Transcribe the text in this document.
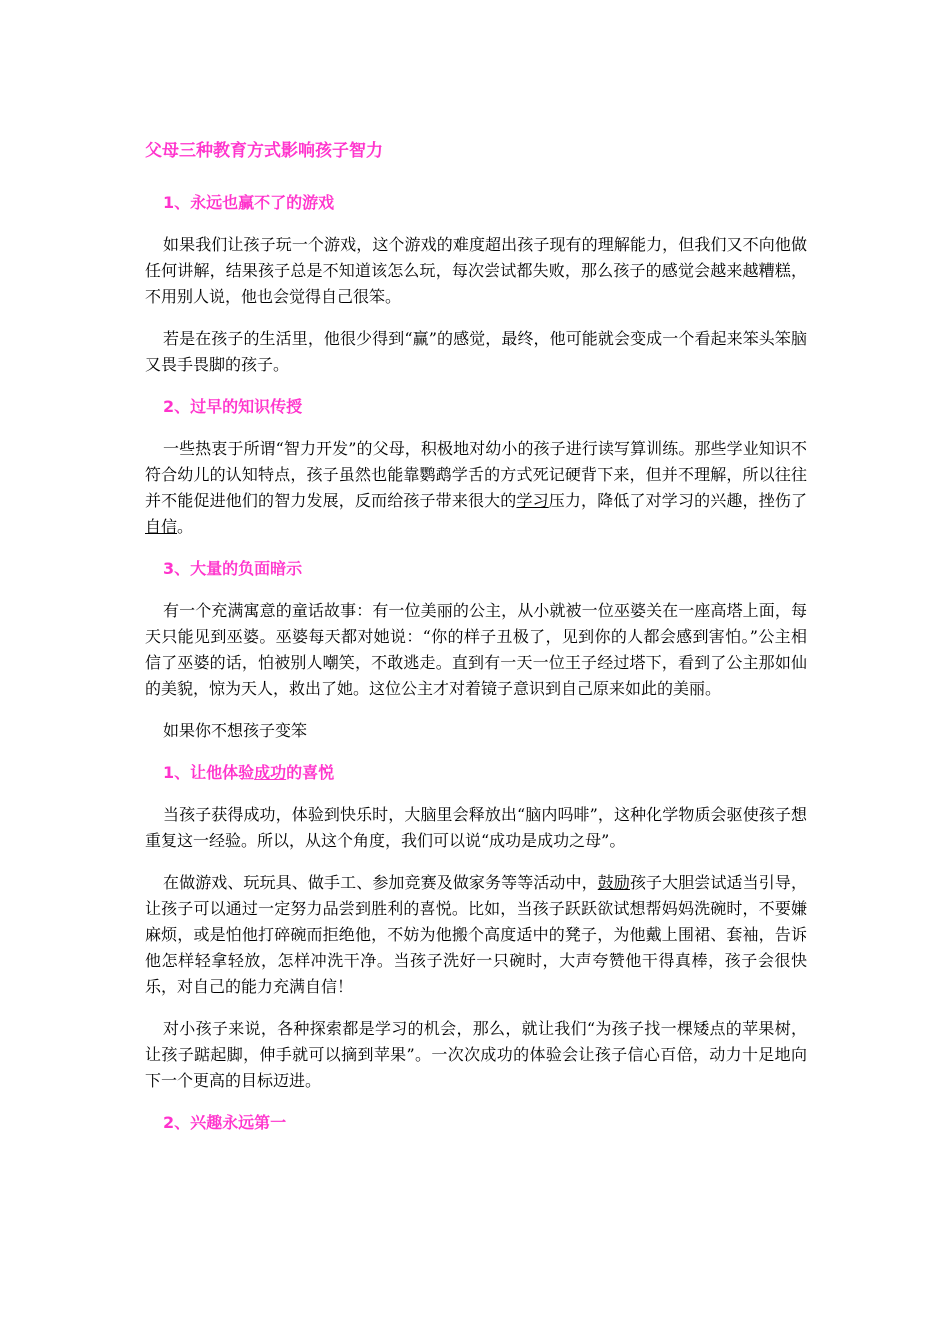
父母三种教育方式影响孩子智力
1、永远也赢不了的游戏

如果我们让孩子玩一个游戏，这个游戏的难度超出孩子现有的理解能力，但我们又不向他做任何讲解，结果孩子总是不知道该怎么玩，每次尝试都失败，那么孩子的感觉会越来越糟糕，不用别人说，他也会觉得自己很笨。

若是在孩子的生活里，他很少得到“赢”的感觉，最终，他可能就会变成一个看起来笨头笨脑又畏手畏脚的孩子。

2、过早的知识传授

一些热衷于所谓“智力开发”的父母，积极地对幼小的孩子进行读写算训练。那些学业知识不符合幼儿的认知特点，孩子虽然也能靠鹦鹉学舌的方式死记硬背下来，但并不理解，所以往往并不能促进他们的智力发展，反而给孩子带来很大的学习压力，降低了对学习的兴趣，挫伤了自信。

3、大量的负面暗示

有一个充满寓意的童话故事：有一位美丽的公主，从小就被一位巫婆关在一座高塔上面，每天只能见到巫婆。巫婆每天都对她说：“你的样子丑极了，见到你的人都会感到害怕。”公主相信了巫婆的话，怕被别人嘲笑，不敢逃走。直到有一天一位王子经过塔下，看到了公主那如仙的美貌，惊为天人，救出了她。这位公主才对着镜子意识到自己原来如此的美丽。

如果你不想孩子变笨

1、让他体验成功的喜悦

当孩子获得成功，体验到快乐时，大脑里会释放出“脑内吗啡”，这种化学物质会驱使孩子想重复这一经验。所以，从这个角度，我们可以说“成功是成功之母”。

在做游戏、玩玩具、做手工、参加竞赛及做家务等等活动中，鼓励孩子大胆尝试适当引导，让孩子可以通过一定努力品尝到胜利的喜悦。比如，当孩子跃跃欲试想帮妈妈洗碗时，不要嫌麻烦，或是怕他打碎碗而拒绝他，不妨为他搬个高度适中的凳子，为他戴上围裙、套袖，告诉他怎样轻拿轻放，怎样冲洗干净。当孩子洗好一只碗时，大声夸赞他干得真棒，孩子会很快乐，对自己的能力充满自信！

对小孩子来说，各种探索都是学习的机会，那么，就让我们“为孩子找一棵矮点的苹果树，让孩子踮起脚，伸手就可以摘到苹果”。一次次成功的体验会让孩子信心百倍，动力十足地向下一个更高的目标迈进。

2、兴趣永远第一
